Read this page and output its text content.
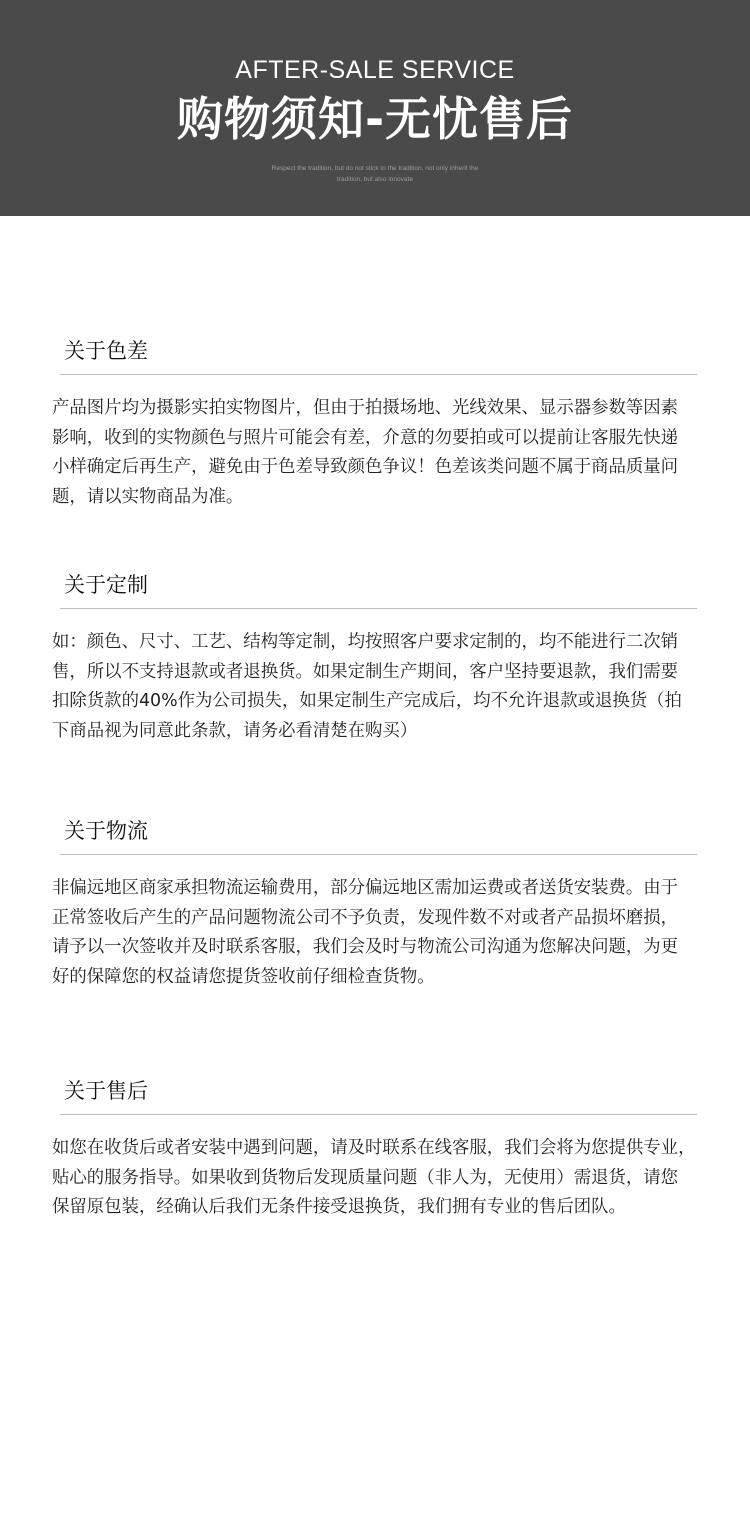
AFTER-SALE SERVICE
购物须知-无忧售后
Respect the tradition, but do not stick to the tradition, not only inherit the
tradition, but also innovate
关于色差
产品图片均为摄影实拍实物图片，但由于拍摄场地、光线效果、显示器参数等因素
影响，收到的实物颜色与照片可能会有差，介意的勿要拍或可以提前让客服先快递
小样确定后再生产，避免由于色差导致颜色争议！色差该类问题不属于商品质量问
题，请以实物商品为准。
关于定制
如：颜色、尺寸、工艺、结构等定制，均按照客户要求定制的，均不能进行二次销
售，所以不支持退款或者退换货。如果定制生产期间，客户坚持要退款，我们需要
扣除货款的40%作为公司损失，如果定制生产完成后，均不允许退款或退换货（拍
下商品视为同意此条款，请务必看清楚在购买）
关于物流
非偏远地区商家承担物流运输费用，部分偏远地区需加运费或者送货安装费。由于
正常签收后产生的产品问题物流公司不予负责，发现件数不对或者产品损坏磨损，
请予以一次签收并及时联系客服，我们会及时与物流公司沟通为您解决问题，为更
好的保障您的权益请您提货签收前仔细检查货物。
关于售后
如您在收货后或者安装中遇到问题，请及时联系在线客服，我们会将为您提供专业，
贴心的服务指导。如果收到货物后发现质量问题（非人为，无使用）需退货，请您
保留原包装，经确认后我们无条件接受退换货，我们拥有专业的售后团队。
